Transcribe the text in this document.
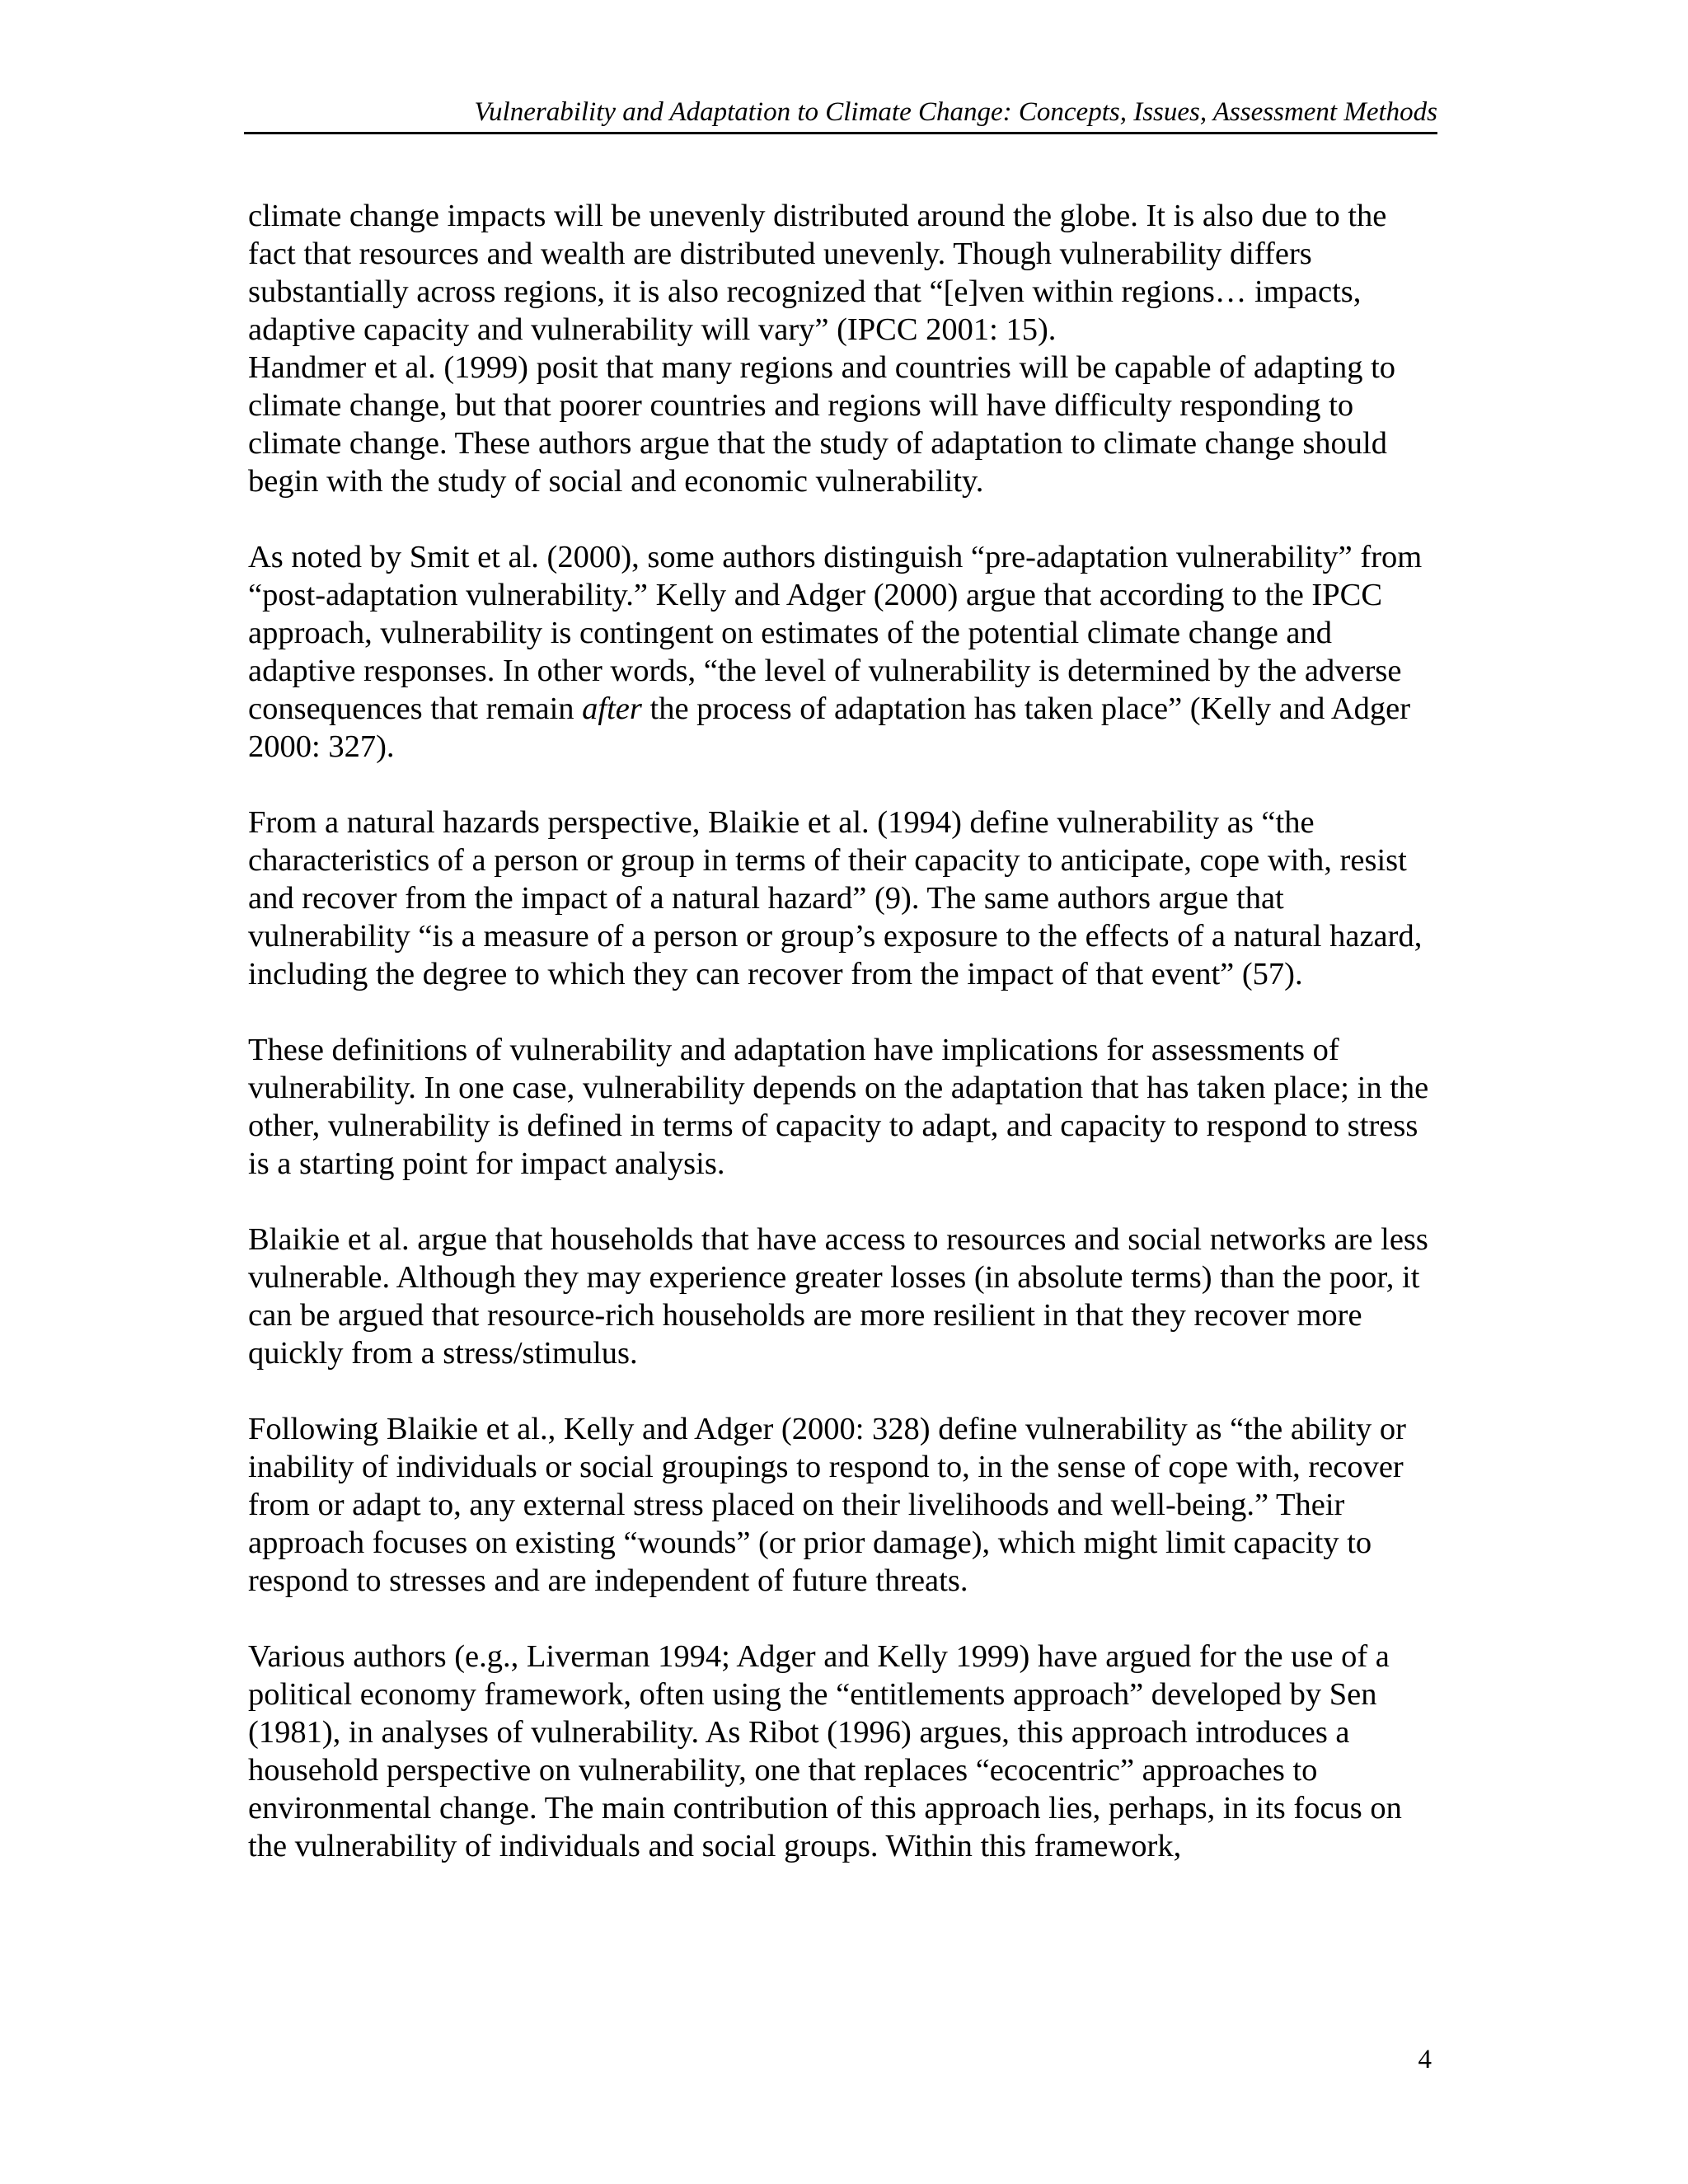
Vulnerability and Adaptation to Climate Change: Concepts, Issues, Assessment Methods

climate change impacts will be unevenly distributed around the globe. It is also due to the fact that resources and wealth are distributed unevenly. Though vulnerability differs substantially across regions, it is also recognized that “[e]ven within regions… impacts, adaptive capacity and vulnerability will vary” (IPCC 2001: 15).

Handmer et al. (1999) posit that many regions and countries will be capable of adapting to climate change, but that poorer countries and regions will have difficulty responding to climate change. These authors argue that the study of adaptation to climate change should begin with the study of social and economic vulnerability.

As noted by Smit et al. (2000), some authors distinguish “pre-adaptation vulnerability” from “post-adaptation vulnerability.” Kelly and Adger (2000) argue that according to the IPCC approach, vulnerability is contingent on estimates of the potential climate change and adaptive responses. In other words, “the level of vulnerability is determined by the adverse consequences that remain after the process of adaptation has taken place” (Kelly and Adger 2000: 327).

From a natural hazards perspective, Blaikie et al. (1994) define vulnerability as “the characteristics of a person or group in terms of their capacity to anticipate, cope with, resist and recover from the impact of a natural hazard” (9). The same authors argue that vulnerability “is a measure of a person or group’s exposure to the effects of a natural hazard, including the degree to which they can recover from the impact of that event” (57).

These definitions of vulnerability and adaptation have implications for assessments of vulnerability. In one case, vulnerability depends on the adaptation that has taken place; in the other, vulnerability is defined in terms of capacity to adapt, and capacity to respond to stress is a starting point for impact analysis.

Blaikie et al. argue that households that have access to resources and social networks are less vulnerable. Although they may experience greater losses (in absolute terms) than the poor, it can be argued that resource-rich households are more resilient in that they recover more quickly from a stress/stimulus.

Following Blaikie et al., Kelly and Adger (2000: 328) define vulnerability as “the ability or inability of individuals or social groupings to respond to, in the sense of cope with, recover from or adapt to, any external stress placed on their livelihoods and well-being.” Their approach focuses on existing “wounds” (or prior damage), which might limit capacity to respond to stresses and are independent of future threats.

Various authors (e.g., Liverman 1994; Adger and Kelly 1999) have argued for the use of a political economy framework, often using the “entitlements approach” developed by Sen (1981), in analyses of vulnerability. As Ribot (1996) argues, this approach introduces a household perspective on vulnerability, one that replaces “ecocentric” approaches to environmental change. The main contribution of this approach lies, perhaps, in its focus on the vulnerability of individuals and social groups. Within this framework,

4
